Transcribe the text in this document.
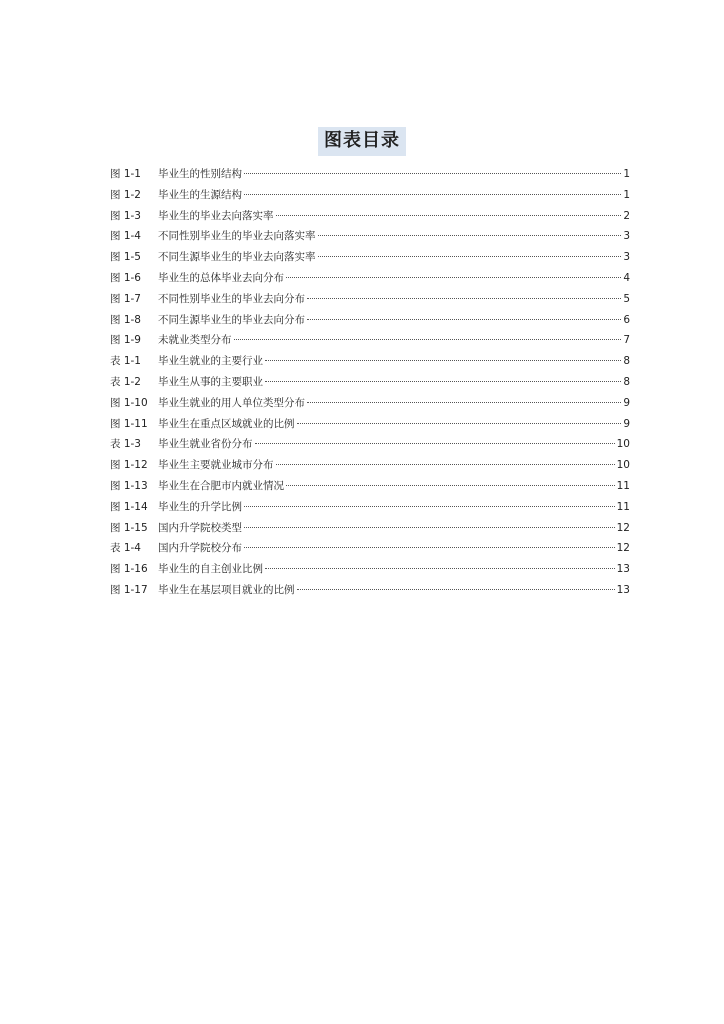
图表目录
图 1-1	毕业生的性别结构	1
图 1-2	毕业生的生源结构	1
图 1-3	毕业生的毕业去向落实率	2
图 1-4	不同性别毕业生的毕业去向落实率	3
图 1-5	不同生源毕业生的毕业去向落实率	3
图 1-6	毕业生的总体毕业去向分布	4
图 1-7	不同性别毕业生的毕业去向分布	5
图 1-8	不同生源毕业生的毕业去向分布	6
图 1-9	未就业类型分布	7
表 1-1	毕业生就业的主要行业	8
表 1-2	毕业生从事的主要职业	8
图 1-10 毕业生就业的用人单位类型分布	9
图 1-11 毕业生在重点区域就业的比例	9
表 1-3	毕业生就业省份分布	10
图 1-12 毕业生主要就业城市分布	10
图 1-13 毕业生在合肥市内就业情况	11
图 1-14 毕业生的升学比例	11
图 1-15 国内升学院校类型	12
表 1-4	国内升学院校分布	12
图 1-16 毕业生的自主创业比例	13
图 1-17 毕业生在基层项目就业的比例	13
